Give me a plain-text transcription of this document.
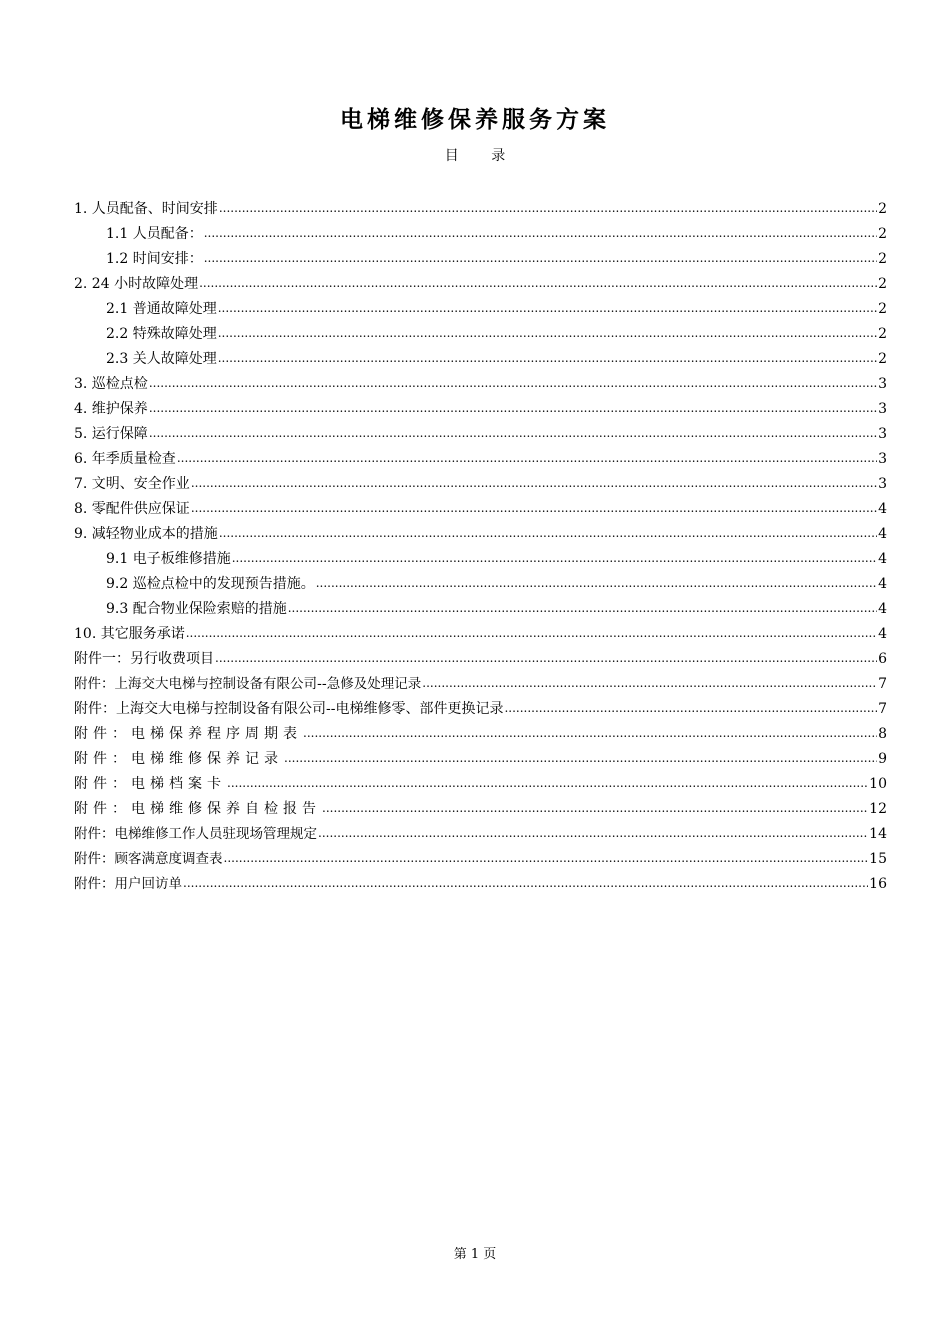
电梯维修保养服务方案
目 录
1. 人员配备、时间安排 .....	2
1.1 人员配备： .....	2
1.2 时间安排： .....	2
2. 24 小时故障处理 .....	2
2.1 普通故障处理 .....	2
2.2 特殊故障处理 .....	2
2.3 关人故障处理 .....	2
3. 巡检点检 .....	3
4. 维护保养 .....	3
5. 运行保障 .....	3
6. 年季质量检查 .....	3
7. 文明、安全作业 .....	3
8. 零配件供应保证 .....	4
9. 减轻物业成本的措施 .....	4
9.1 电子板维修措施 .....	4
9.2 巡检点检中的发现预告措施。 .....	4
9.3 配合物业保险索赔的措施 .....	4
10. 其它服务承诺 .....	4
附件一：另行收费项目 .....	6
附件：上海交大电梯与控制设备有限公司--急修及处理记录 .....	7
附件：上海交大电梯与控制设备有限公司--电梯维修零、部件更换记录 .....	7
附件：电梯保养程序周期表 .....	8
附件：电梯维修保养记录 .....	9
附件：电梯档案卡 .....	10
附件：电梯维修保养自检报告 .....	12
附件：电梯维修工作人员驻现场管理规定 .....	14
附件：顾客满意度调查表 .....	15
附件：用户回访单 .....	16
第 1 页
